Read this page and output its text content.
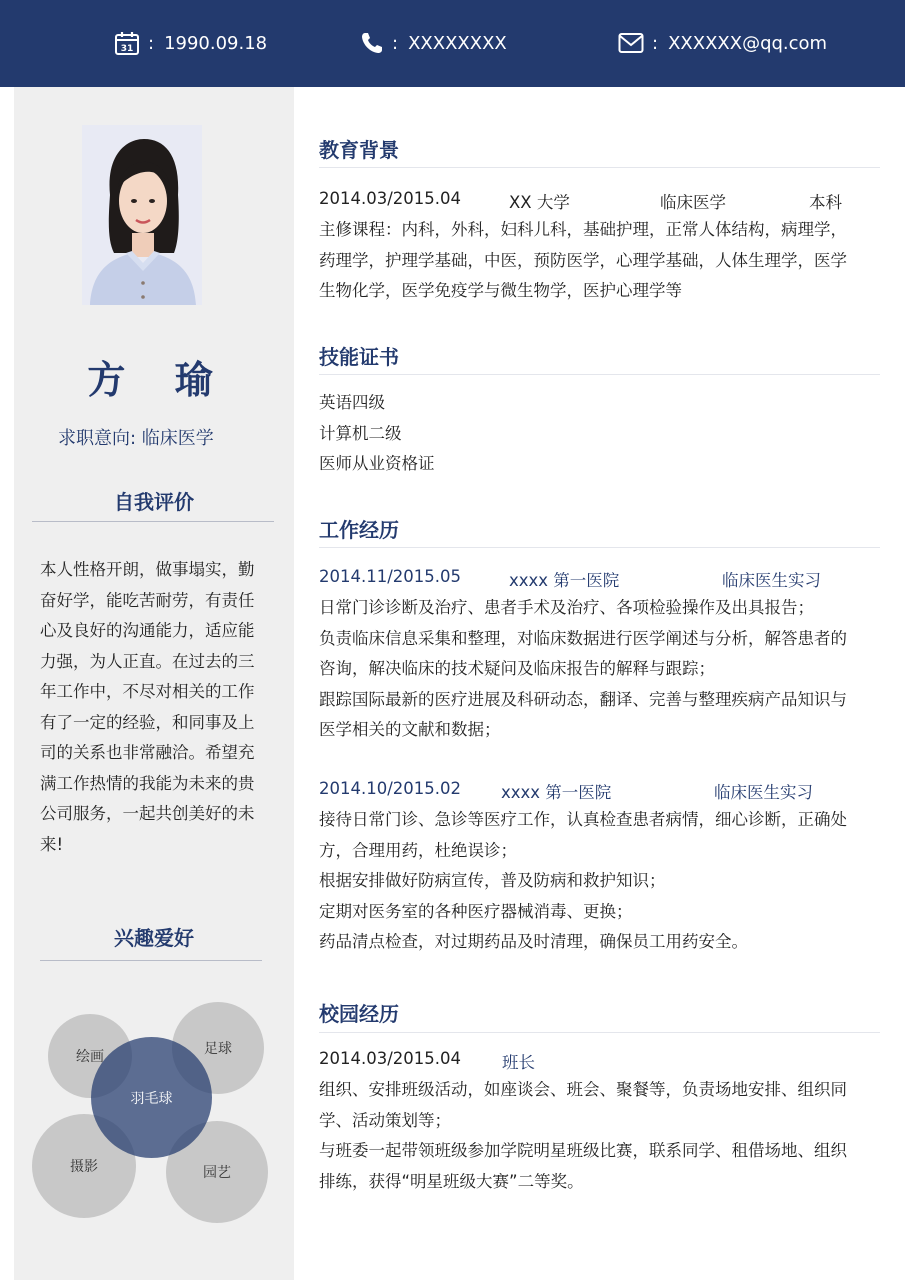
31 : 1990.09.18	: XXXXXXXX	: XXXXXX@qq.com
方 瑜
求职意向: 临床医学
自我评价
本人性格开朗，做事塌实，勤
奋好学，能吃苦耐劳，有责任
心及良好的沟通能力，适应能
力强，为人正直。在过去的三
年工作中，不尽对相关的工作
有了一定的经验，和同事及上
司的关系也非常融洽。希望充
满工作热情的我能为未来的贵
公司服务，一起共创美好的未
来!
兴趣爱好
绘画	足球
摄影	园艺
羽毛球
教育背景
2014.03/2015.04	XX 大学	临床医学	本科
主修课程：内科，外科，妇科儿科，基础护理，正常人体结构，病理学，
药理学，护理学基础，中医，预防医学，心理学基础，人体生理学，医学
生物化学，医学免疫学与微生物学，医护心理学等
技能证书
英语四级
计算机二级
医师从业资格证
工作经历
2014.11/2015.05	xxxx 第一医院	临床医生实习
日常门诊诊断及治疗、患者手术及治疗、各项检验操作及出具报告；
负责临床信息采集和整理，对临床数据进行医学阐述与分析，解答患者的
咨询，解决临床的技术疑问及临床报告的解释与跟踪；
跟踪国际最新的医疗进展及科研动态，翻译、完善与整理疾病产品知识与
医学相关的文献和数据；
2014.10/2015.02 xxxx 第一医院	临床医生实习
接待日常门诊、急诊等医疗工作，认真检查患者病情，细心诊断，正确处
方，合理用药，杜绝误诊；
根据安排做好防病宣传，普及防病和救护知识；
定期对医务室的各种医疗器械消毒、更换；
药品清点检查，对过期药品及时清理，确保员工用药安全。
校园经历
2014.03/2015.04 班长
组织、安排班级活动，如座谈会、班会、聚餐等，负责场地安排、组织同
学、活动策划等；
与班委一起带领班级参加学院明星班级比赛，联系同学、租借场地、组织
排练，获得“明星班级大赛”二等奖。
